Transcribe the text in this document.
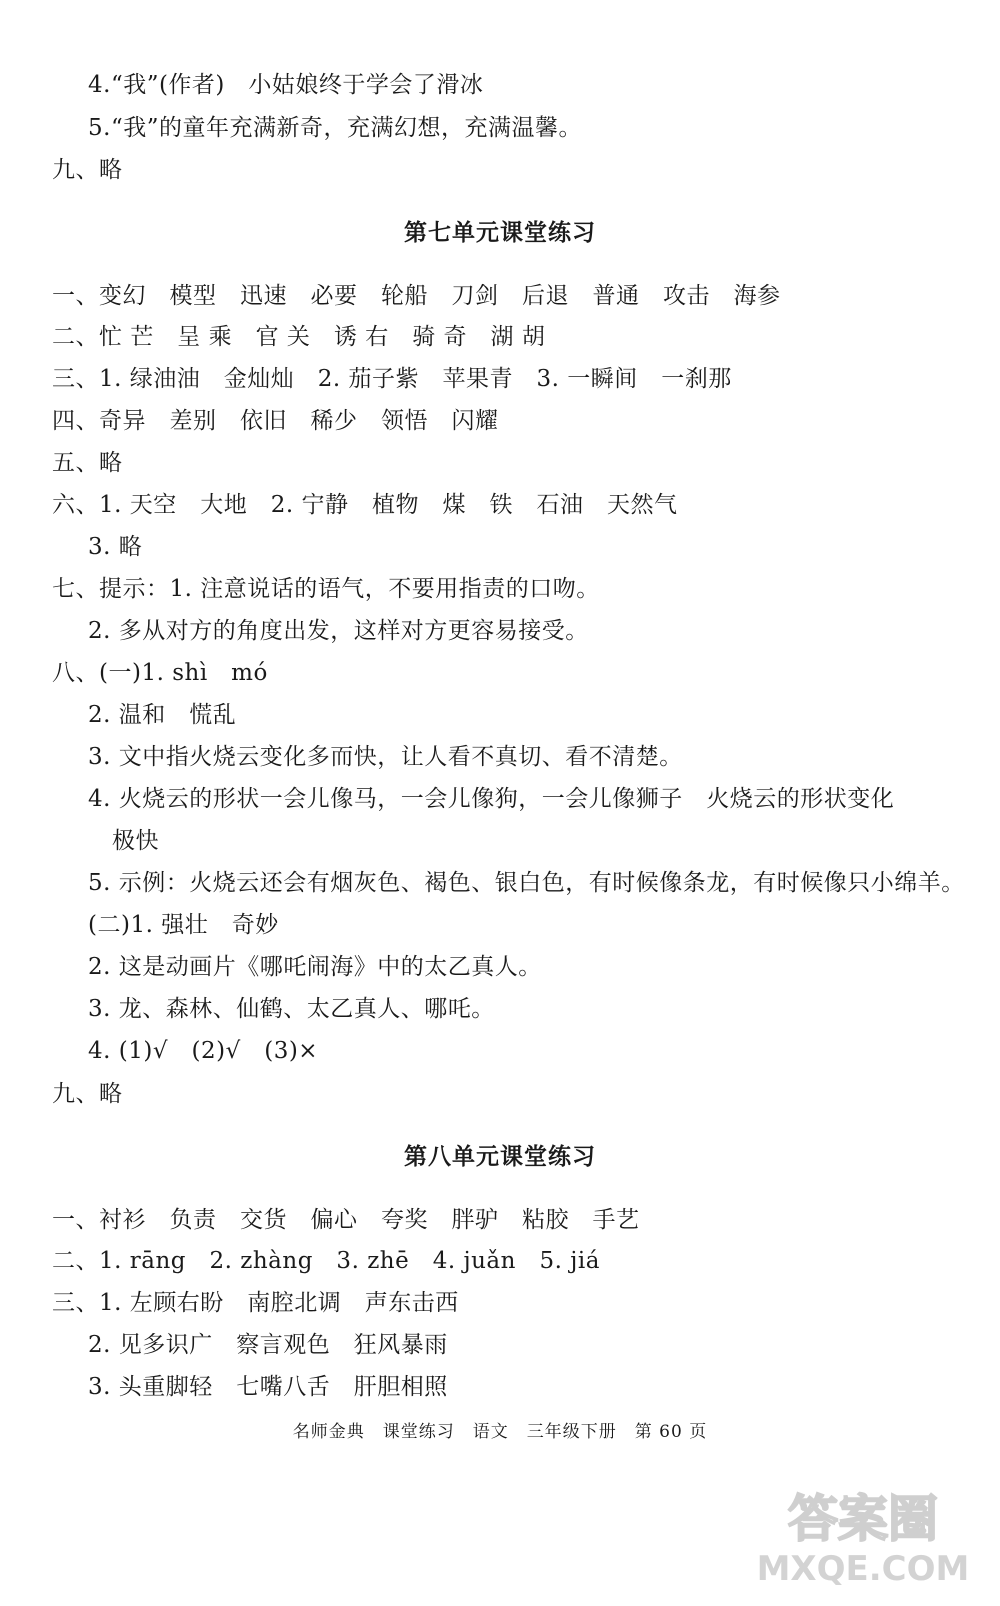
4.“我”(作者)　小姑娘终于学会了滑冰
5.“我”的童年充满新奇，充满幻想，充满温馨。
九、略
第七单元课堂练习
一、变幻　模型　迅速　必要　轮船　刀剑　后退　普通　攻击　海参
二、忙 芒　呈 乘　官 关　诱 右　骑 奇　湖 胡
三、1. 绿油油　金灿灿　2. 茄子紫　苹果青　3. 一瞬间　一刹那
四、奇异　差别　依旧　稀少　领悟　闪耀
五、略
六、1. 天空　大地　2. 宁静　植物　煤　铁　石油　天然气
3. 略
七、提示：1. 注意说话的语气，不要用指责的口吻。
2. 多从对方的角度出发，这样对方更容易接受。
八、(一)1. shì　mó
2. 温和　慌乱
3. 文中指火烧云变化多而快，让人看不真切、看不清楚。
4. 火烧云的形状一会儿像马，一会儿像狗，一会儿像狮子　火烧云的形状变化
极快
5. 示例：火烧云还会有烟灰色、褐色、银白色，有时候像条龙，有时候像只小绵羊。
(二)1. 强壮　奇妙
2. 这是动画片《哪吒闹海》中的太乙真人。
3. 龙、森林、仙鹤、太乙真人、哪吒。
4. (1)√　(2)√　(3)×
九、略
第八单元课堂练习
一、衬衫　负责　交货　偏心　夸奖　胖驴　粘胶　手艺
二、1. rāng　2. zhàng　3. zhē　4. juǎn　5. jiá
三、1. 左顾右盼　南腔北调　声东击西
2. 见多识广　察言观色　狂风暴雨
3. 头重脚轻　七嘴八舌　肝胆相照
名师金典　课堂练习　语文　三年级下册　第 60 页
答案圈
MXQE.COM
